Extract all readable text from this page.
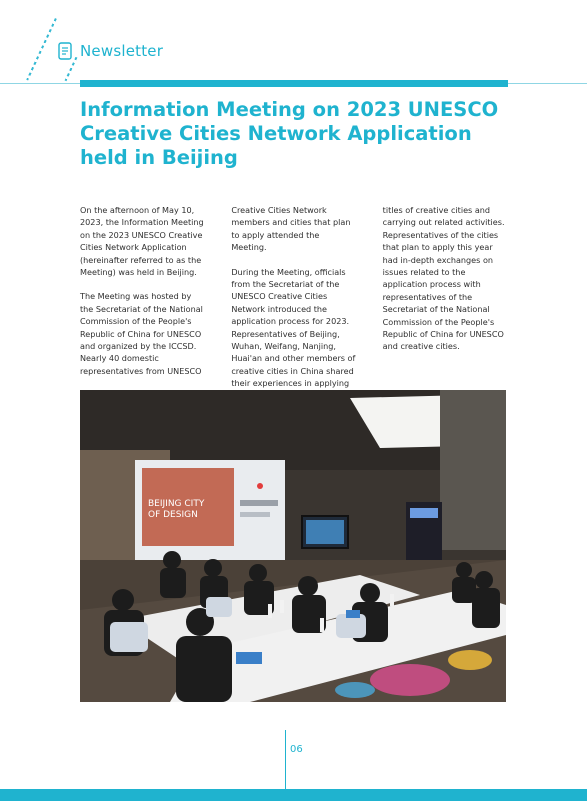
Newsletter
Information Meeting on 2023 UNESCO Creative Cities Network Application held in Beijing

On the afternoon of May 10, 2023, the Information Meeting on the 2023 UNESCO Creative Cities Network Application (hereinafter referred to as the Meeting) was held in Beijing.

The Meeting was hosted by the Secretariat of the National Commission of the People's Republic of China for UNESCO and organized by the ICCSD. Nearly 40 domestic representatives from UNESCO

Creative Cities Network members and cities that plan to apply attended the Meeting.

During the Meeting, officials from the Secretariat of the UNESCO Creative Cities Network introduced the application process for 2023. Representatives of Beijing, Wuhan, Weifang, Nanjing, Huai'an and other members of creative cities in China shared their experiences in applying

titles of creative cities and carrying out related activities. Representatives of the cities that plan to apply this year had in-depth exchanges on issues related to the application process with representatives of the Secretariat of the National Commission of the People's Republic of China for UNESCO and creative cities.

BEIJING CITY
OF DESIGN
06
